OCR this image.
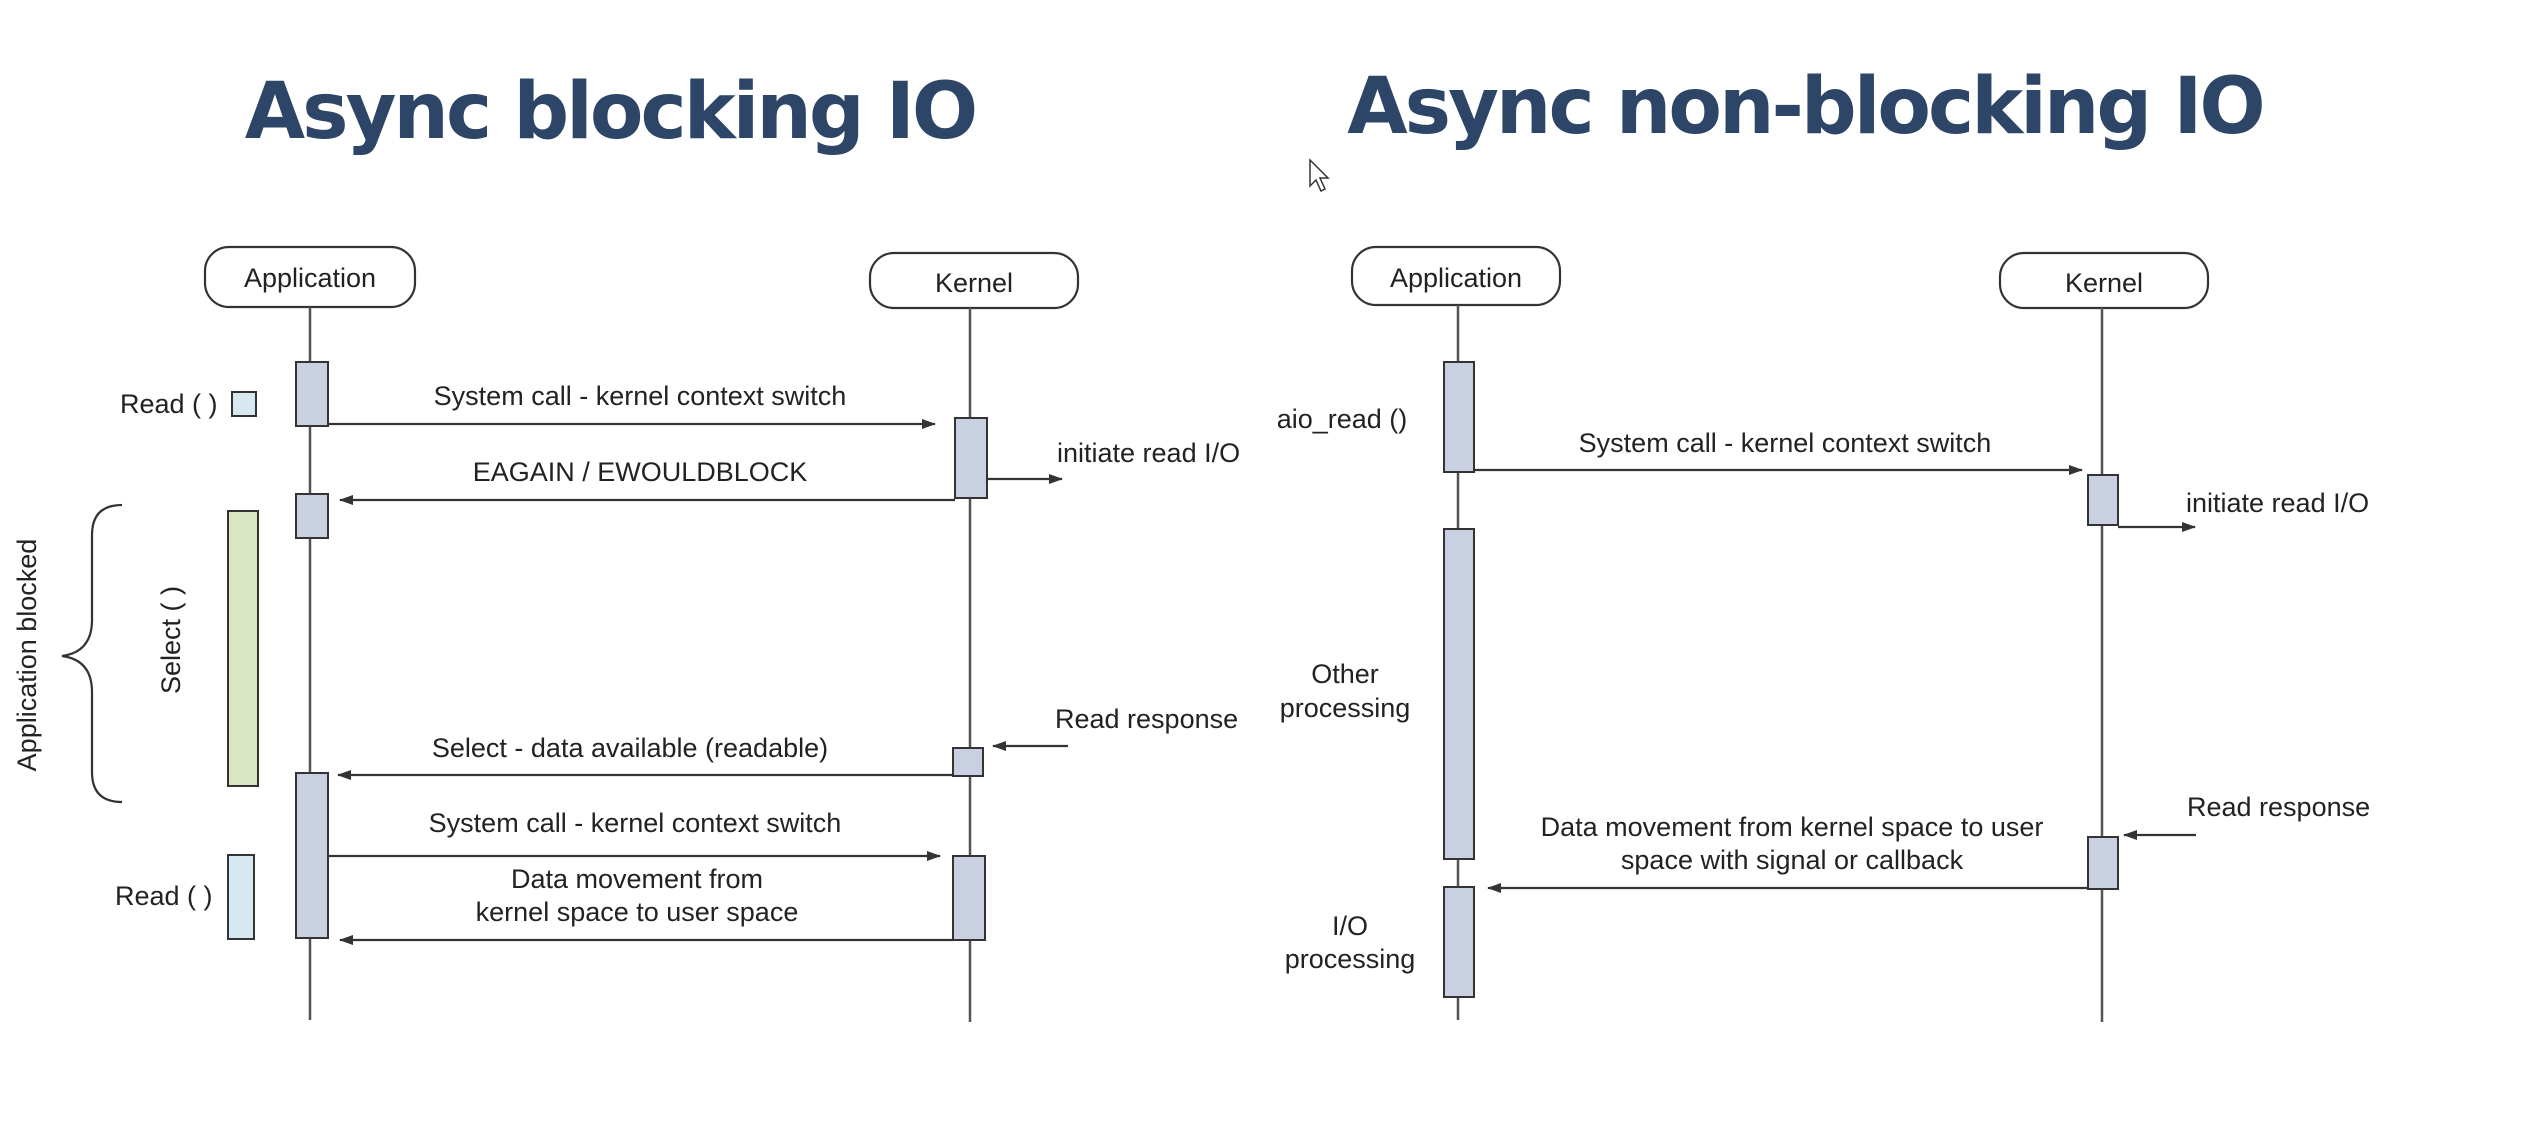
Async blocking IO
Application	Kernel
Read ( )
Select ( )
Read ( )
Application blocked
System call - kernel context switch
EAGAIN / EWOULDBLOCK
Select - data available (readable)
System call - kernel context switch
Data movement from
kernel space to user space
initiate read I/O
Read response
Async non-blocking IO
Application	Kernel
aio_read ()
Other
processing
I/O
processing
System call - kernel context switch
Data movement from kernel space to user
space with signal or callback
initiate read I/O
Read response
